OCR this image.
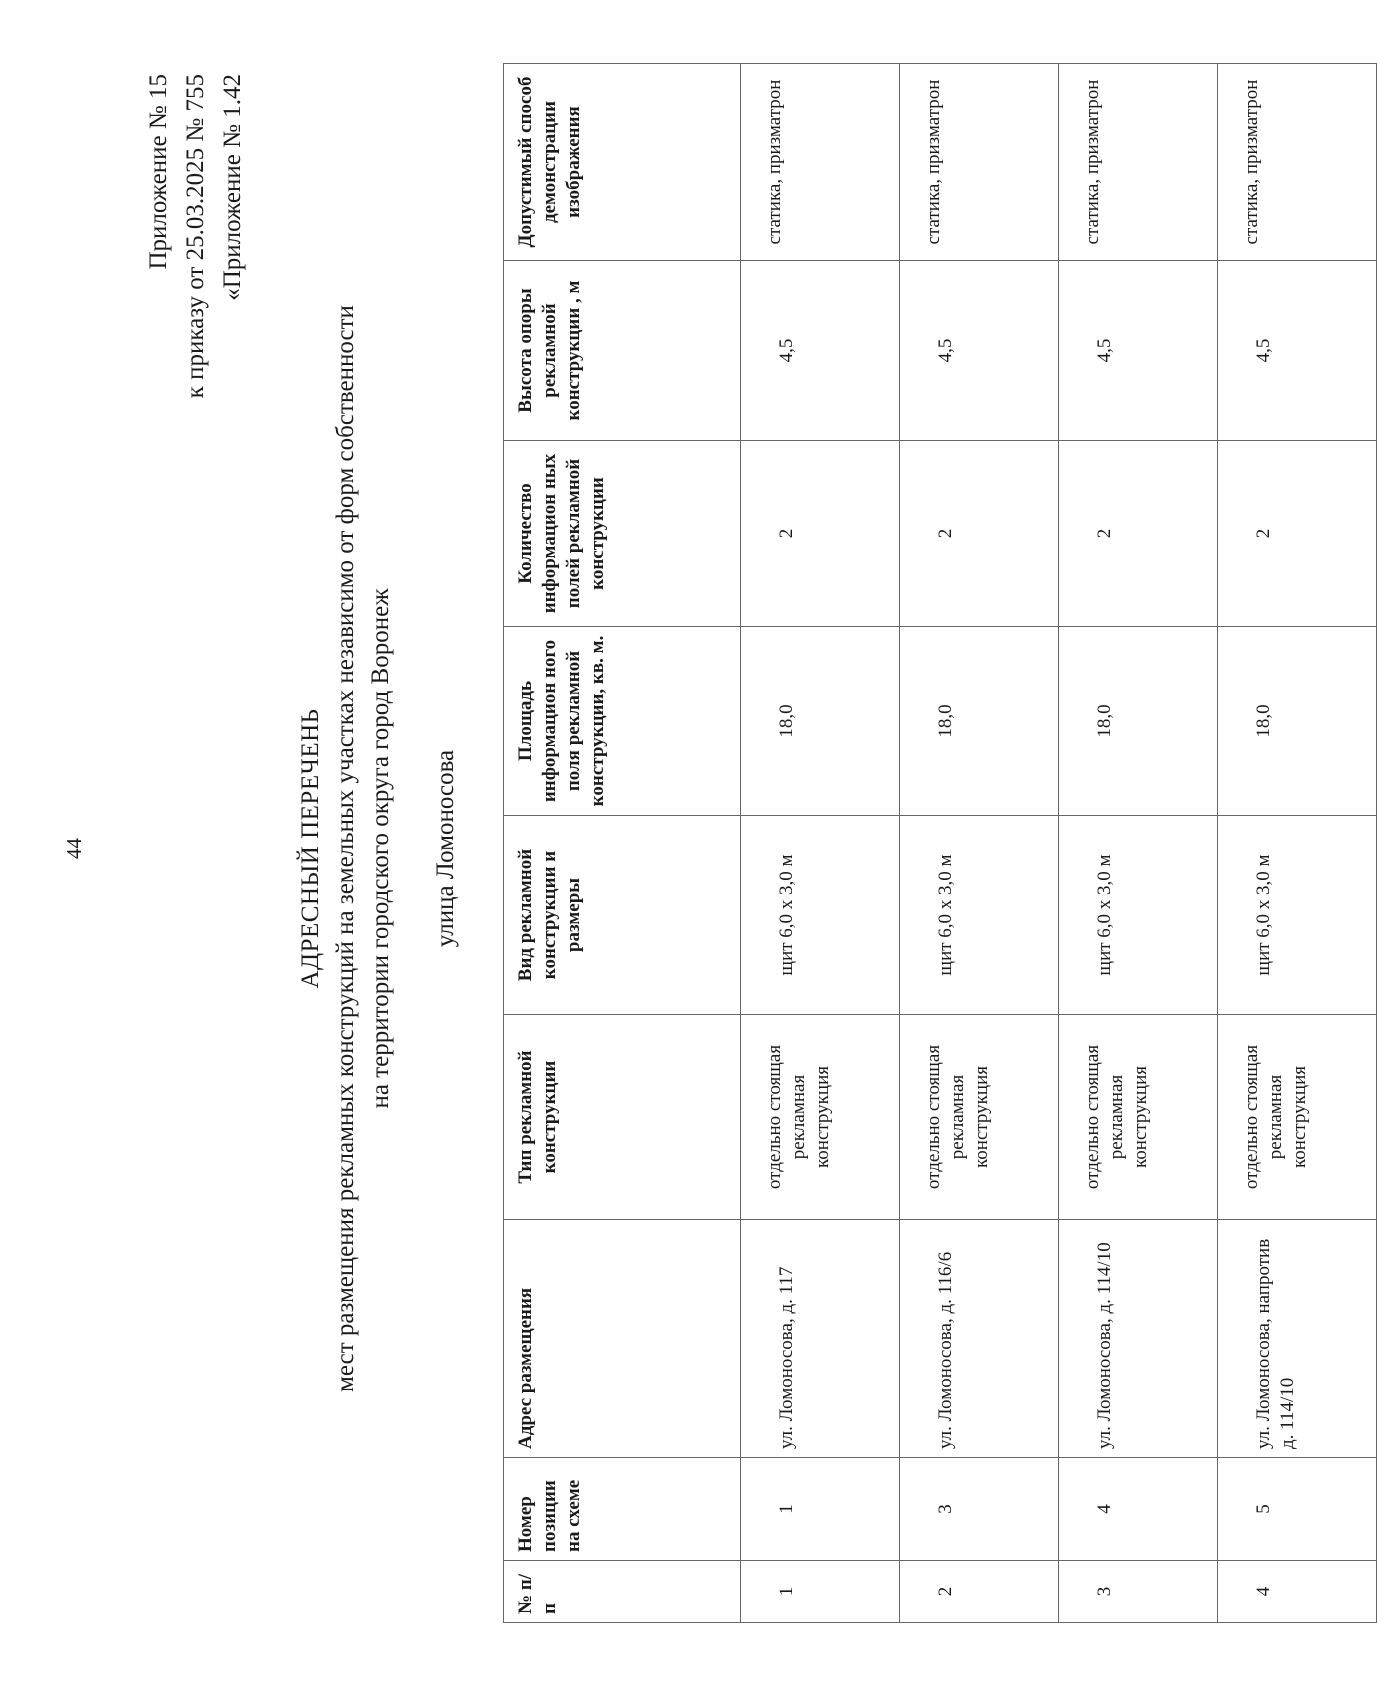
44
Приложение № 15 к приказу от 25.03.2025 № 755 «Приложение № 1.42
АДРЕСНЫЙ ПЕРЕЧЕНЬ мест размещения рекламных конструкций на земельных участках независимо от форм собственности на территории городского округа город Воронеж улица Ломоносова
№ п/п	Номер позиции на схеме	Адрес размещения	Тип рекламной конструкции	Вид рекламной конструкции и размеры	Площадь информацион ного поля рекламной конструкции, кв. м.	Количество информацион ных полей рекламной конструкции	Высота опоры рекламной конструкции , м	Допустимый способ демонстрации изображения
1	1	ул. Ломоносова, д. 117	отдельно стоящая рекламная конструкция	щит 6,0 х 3,0 м	18,0	2	4,5	статика, призматрон
2	3	ул. Ломоносова, д. 116/6	отдельно стоящая рекламная конструкция	щит 6,0 х 3,0 м	18,0	2	4,5	статика, призматрон
3	4	ул. Ломоносова, д. 114/10	отдельно стоящая рекламная конструкция	щит 6,0 х 3,0 м	18,0	2	4,5	статика, призматрон
4	5	ул. Ломоносова, напротив д. 114/10	отдельно стоящая рекламная конструкция	щит 6,0 х 3,0 м	18,0	2	4,5	статика, призматрон
